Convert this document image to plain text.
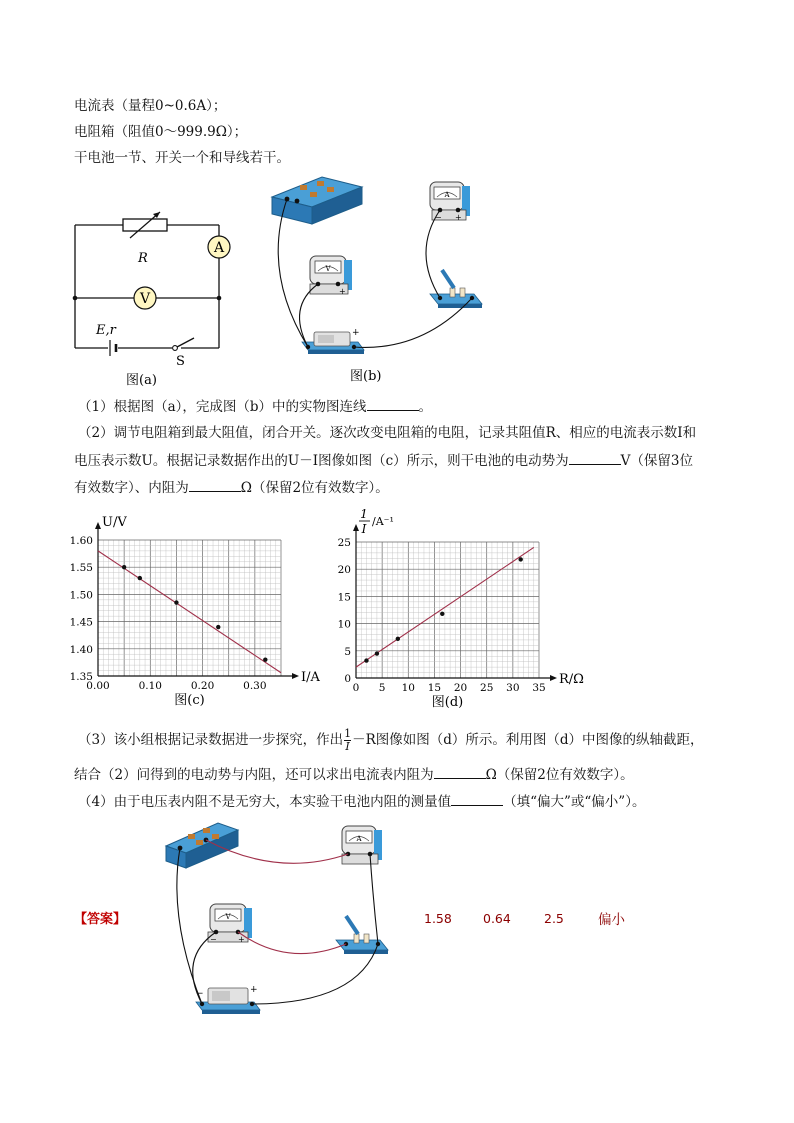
电流表（量程0~0.6A）；
电阻箱（阻值0～999.9Ω）；
干电池一节、开关一个和导线若干。
A
V
R
E,r
S
图(a)
A
− +
V
+
+
图(b)
（1）根据图（a），完成图（b）中的实物图连线	。
（2）调节电阻箱到最大阻值，闭合开关。逐次改变电阻箱的电阻，记录其阻值R、相应的电流表示数I和
电压表示数U。根据记录数据作出的U－I图像如图（c）所示，则干电池的电动势为	V（保留3位
有效数字）、内阻为	Ω（保留2位有效数字）。
0.00	0.10	0.20	0.30
1.35
1.40
1.45
1.50
1.55
1.60
U/V
I/A
图(c)
0 5 10 15 20 25 30 35
0
5
10
15
20
25
1
I
/A⁻¹
R/Ω
图(d)
（3）该小组根据记录数据进一步探究，作出 $\frac{1}{I} -R$图像如图（d）所示。利用图（d）中图像的纵轴截距，
结合（2）问得到的电动势与内阻，还可以求出电流表内阻为	Ω（保留2位有效数字）。
（4）由于电压表内阻不是无穷大，本实验干电池内阻的测量值	（填“偏大”或“偏小”）。
【答案】
A
V
−	+
+
−
1.58 0.64	2.5	偏小
